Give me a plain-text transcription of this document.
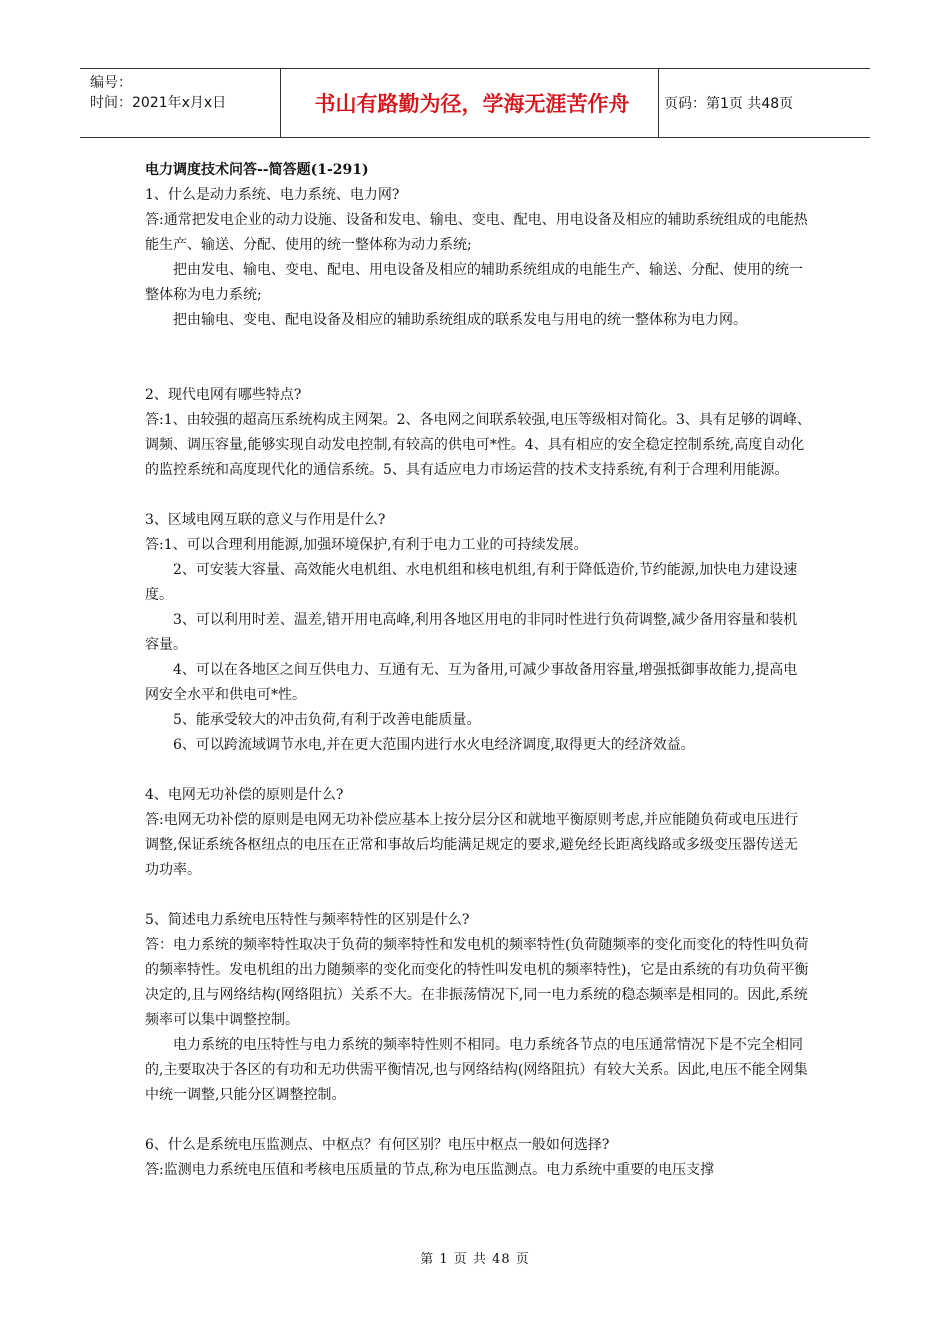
编号：
时间：2021年x月x日	书山有路勤为径，学海无涯苦作舟	页码：第1页 共48页

电力调度技术问答--简答题(1-291)

1、什么是动力系统、电力系统、电力网?

答:通常把发电企业的动力设施、设备和发电、输电、变电、配电、用电设备及相应的辅助系统组成的电能热能生产、输送、分配、使用的统一整体称为动力系统;

把由发电、输电、变电、配电、用电设备及相应的辅助系统组成的电能生产、输送、分配、使用的统一整体称为电力系统;

把由输电、变电、配电设备及相应的辅助系统组成的联系发电与用电的统一整体称为电力网。

2、现代电网有哪些特点?

答:1、由较强的超高压系统构成主网架。2、各电网之间联系较强,电压等级相对简化。3、具有足够的调峰、调频、调压容量,能够实现自动发电控制,有较高的供电可*性。4、具有相应的安全稳定控制系统,高度自动化的监控系统和高度现代化的通信系统。5、具有适应电力市场运营的技术支持系统,有利于合理利用能源。

3、区域电网互联的意义与作用是什么?

答:1、可以合理利用能源,加强环境保护,有利于电力工业的可持续发展。

2、可安装大容量、高效能火电机组、水电机组和核电机组,有利于降低造价,节约能源,加快电力建设速度。

3、可以利用时差、温差,错开用电高峰,利用各地区用电的非同时性进行负荷调整,减少备用容量和装机容量。

4、可以在各地区之间互供电力、互通有无、互为备用,可减少事故备用容量,增强抵御事故能力,提高电网安全水平和供电可*性。

5、能承受较大的冲击负荷,有利于改善电能质量。

6、可以跨流域调节水电,并在更大范围内进行水火电经济调度,取得更大的经济效益。

4、电网无功补偿的原则是什么?

答:电网无功补偿的原则是电网无功补偿应基本上按分层分区和就地平衡原则考虑,并应能随负荷或电压进行调整,保证系统各枢纽点的电压在正常和事故后均能满足规定的要求,避免经长距离线路或多级变压器传送无功功率。

5、简述电力系统电压特性与频率特性的区别是什么?

答：电力系统的频率特性取决于负荷的频率特性和发电机的频率特性(负荷随频率的变化而变化的特性叫负荷的频率特性。发电机组的出力随频率的变化而变化的特性叫发电机的频率特性)，它是由系统的有功负荷平衡决定的,且与网络结构(网络阻抗）关系不大。在非振荡情况下,同一电力系统的稳态频率是相同的。因此,系统频率可以集中调整控制。

电力系统的电压特性与电力系统的频率特性则不相同。电力系统各节点的电压通常情况下是不完全相同的,主要取决于各区的有功和无功供需平衡情况,也与网络结构(网络阻抗）有较大关系。因此,电压不能全网集中统一调整,只能分区调整控制。

6、什么是系统电压监测点、中枢点？有何区别？电压中枢点一般如何选择?

答:监测电力系统电压值和考核电压质量的节点,称为电压监测点。电力系统中重要的电压支撑

第 1 页 共 48 页
